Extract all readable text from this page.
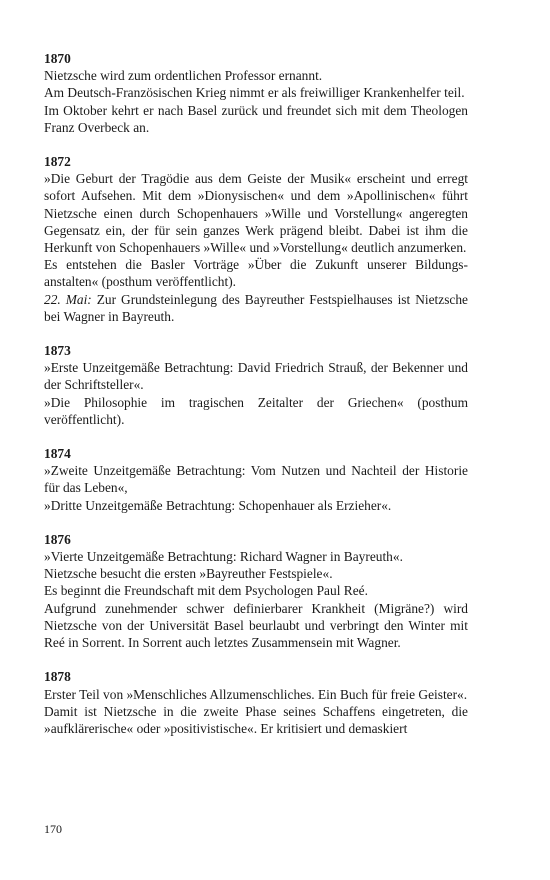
1870
Nietzsche wird zum ordentlichen Professor ernannt.
Am Deutsch-Französischen Krieg nimmt er als freiwilliger Krankenhelfer teil.
Im Oktober kehrt er nach Basel zurück und freundet sich mit dem Theologen Franz Overbeck an.
1872
»Die Geburt der Tragödie aus dem Geiste der Musik« erscheint und erregt sofort Aufsehen. Mit dem »Dionysischen« und dem »Apollinischen« führt Nietzsche einen durch Schopenhauers »Wille und Vorstellung« angeregten Gegensatz ein, der für sein ganzes Werk prägend bleibt. Dabei ist ihm die Herkunft von Schopenhauers »Wille« und »Vorstellung« deutlich anzumerken.
Es entstehen die Basler Vorträge »Über die Zukunft unserer Bildungsanstalten« (posthum veröffentlicht).
22. Mai: Zur Grundsteinlegung des Bayreuther Festspielhauses ist Nietzsche bei Wagner in Bayreuth.
1873
»Erste Unzeitgemäße Betrachtung: David Friedrich Strauß, der Bekenner und der Schriftsteller«.
»Die Philosophie im tragischen Zeitalter der Griechen« (posthum veröffentlicht).
1874
»Zweite Unzeitgemäße Betrachtung: Vom Nutzen und Nachteil der Historie für das Leben«,
»Dritte Unzeitgemäße Betrachtung: Schopenhauer als Erzieher«.
1876
»Vierte Unzeitgemäße Betrachtung: Richard Wagner in Bayreuth«.
Nietzsche besucht die ersten »Bayreuther Festspiele«.
Es beginnt die Freundschaft mit dem Psychologen Paul Reé.
Aufgrund zunehmender schwer definierbarer Krankheit (Migräne?) wird Nietzsche von der Universität Basel beurlaubt und verbringt den Winter mit Reé in Sorrent. In Sorrent auch letztes Zusammensein mit Wagner.
1878
Erster Teil von »Menschliches Allzumenschliches. Ein Buch für freie Geister«.
Damit ist Nietzsche in die zweite Phase seines Schaffens eingetreten, die »aufklärerische« oder »positivistische«. Er kritisiert und demaskiert
170
